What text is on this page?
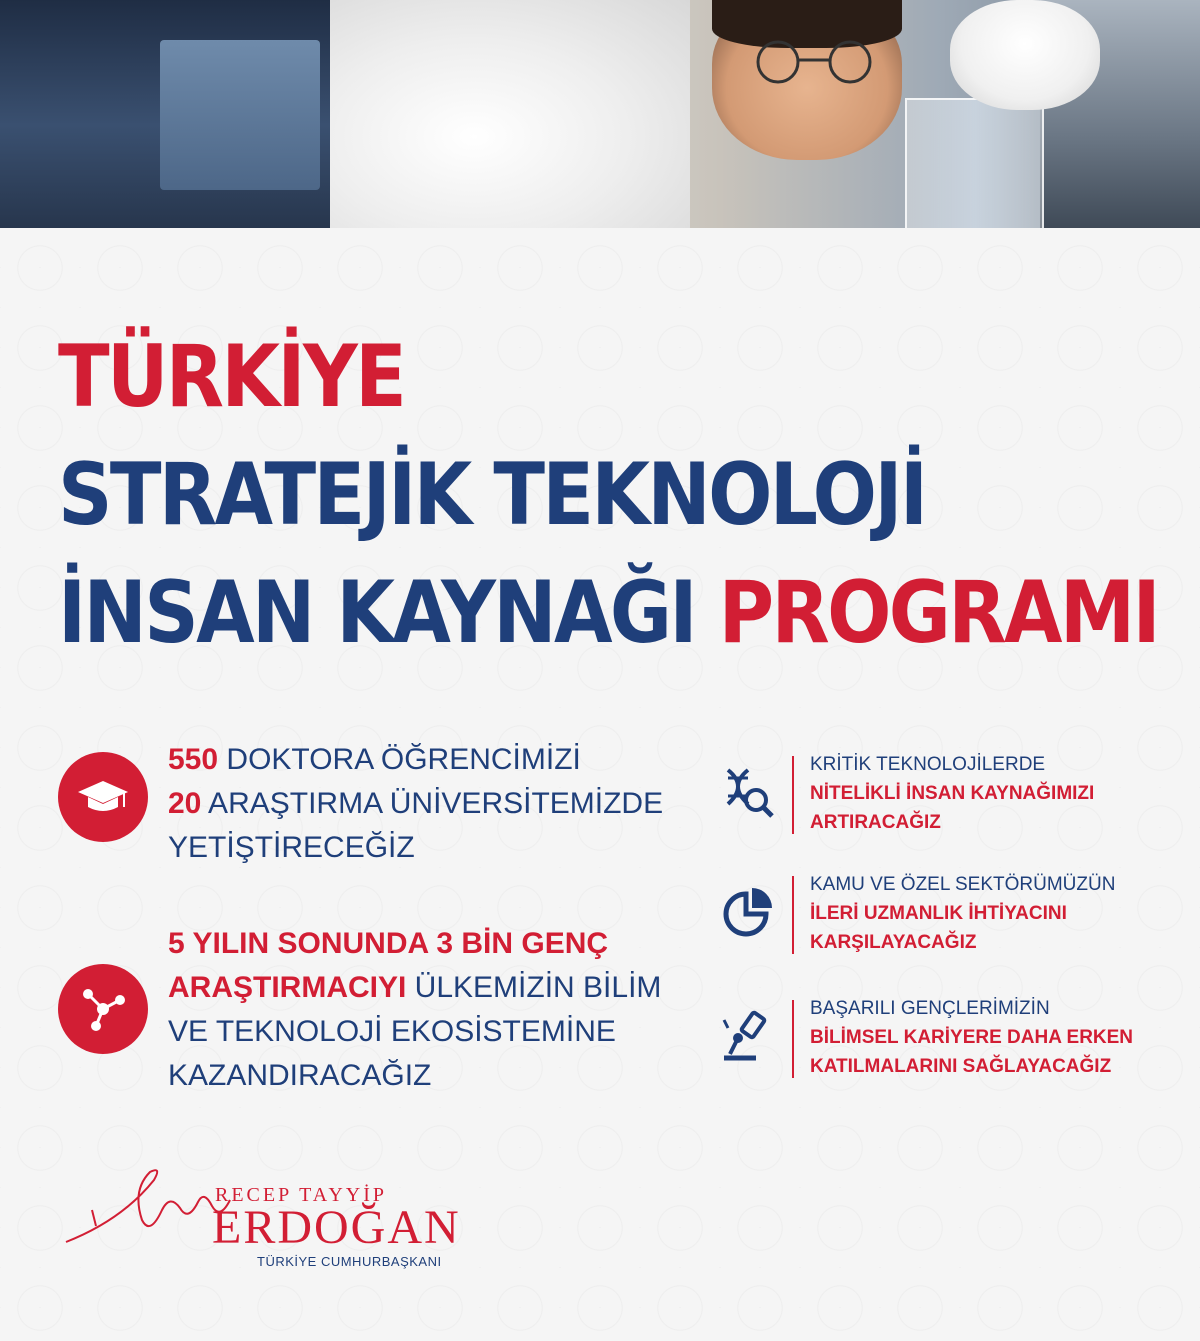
TÜRKİYE
STRATEJİK TEKNOLOJİ
İNSAN KAYNAĞI PROGRAMI
550 DOKTORA ÖĞRENCİMİZİ
20 ARAŞTIRMA ÜNİVERSİTEMİZDE
YETİŞTİRECEĞİZ
5 YILIN SONUNDA 3 BİN GENÇ
ARAŞTIRMACIYI ÜLKEMİZİN BİLİM
VE TEKNOLOJİ EKOSİSTEMİNE
KAZANDIRACAĞIZ
KRİTİK TEKNOLOJİLERDE
NİTELİKLİ İNSAN KAYNAĞIMIZI
ARTIRACAĞIZ
KAMU VE ÖZEL SEKTÖRÜMÜZÜN
İLERİ UZMANLIK İHTİYACINI
KARŞILAYACAĞIZ
BAŞARILI GENÇLERİMİZİN
BİLİMSEL KARİYERE DAHA ERKEN
KATILMALARINI SAĞLAYACAĞIZ
RECEP TAYYİP
ERDOĞAN
TÜRKİYE CUMHURBAŞKANI
